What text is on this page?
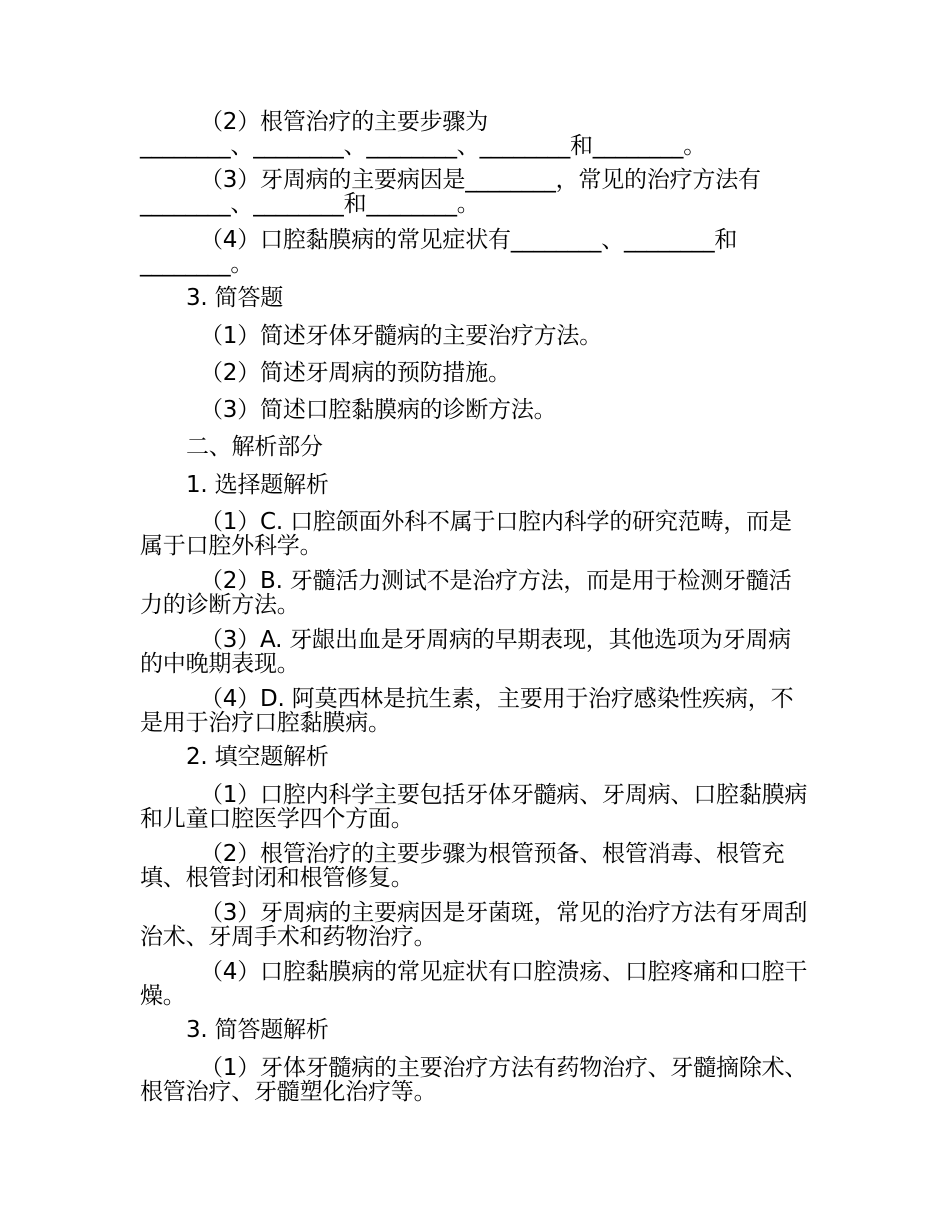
（2）根管治疗的主要步骤为
________、________、________、________和________。
（3）牙周病的主要病因是________，常见的治疗方法有
________、________和________。
（4）口腔黏膜病的常见症状有________、________和
________。
3. 简答题
（1）简述牙体牙髓病的主要治疗方法。
（2）简述牙周病的预防措施。
（3）简述口腔黏膜病的诊断方法。
二、解析部分
1. 选择题解析
（1）C. 口腔颌面外科不属于口腔内科学的研究范畴，而是属于口腔外科学。
（2）B. 牙髓活力测试不是治疗方法，而是用于检测牙髓活力的诊断方法。
（3）A. 牙龈出血是牙周病的早期表现，其他选项为牙周病的中晚期表现。
（4）D. 阿莫西林是抗生素，主要用于治疗感染性疾病，不是用于治疗口腔黏膜病。
2. 填空题解析
（1）口腔内科学主要包括牙体牙髓病、牙周病、口腔黏膜病和儿童口腔医学四个方面。
（2）根管治疗的主要步骤为根管预备、根管消毒、根管充填、根管封闭和根管修复。
（3）牙周病的主要病因是牙菌斑，常见的治疗方法有牙周刮治术、牙周手术和药物治疗。
（4）口腔黏膜病的常见症状有口腔溃疡、口腔疼痛和口腔干燥。
3. 简答题解析
（1）牙体牙髓病的主要治疗方法有药物治疗、牙髓摘除术、根管治疗、牙髓塑化治疗等。
